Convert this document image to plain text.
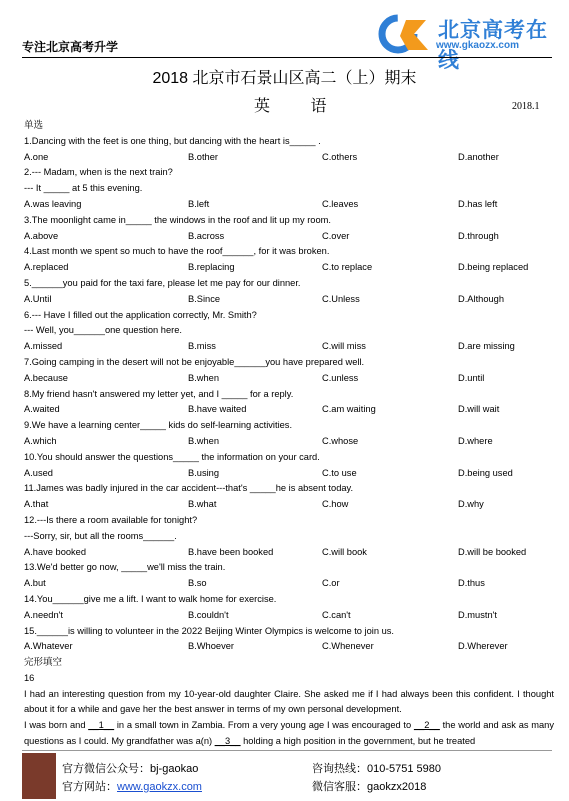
专注北京高考升学
北京高考在线
www.gkaozx.com
2018 北京市石景山区高二（上）期末
英 语	2018.1
单选
1.Dancing with the feet is one thing, but dancing with the heart is_____ .
A.one	B.other	C.others	D.another
2.--- Madam, when is the next train?
--- It _____ at 5 this evening.
A.was leaving	B.left	C.leaves	D.has left
3.The moonlight came in_____ the windows in the roof and lit up my room.
A.above	B.across	C.over	D.through
4.Last month we spent so much to have the roof______, for it was broken.
A.replaced	B.replacing	C.to replace	D.being replaced
5.______you paid for the taxi fare, please let me pay for our dinner.
A.Until	B.Since	C.Unless	D.Although
6.--- Have I filled out the application correctly, Mr. Smith?
--- Well, you______one question here.
A.missed	B.miss	C.will miss	D.are missing
7.Going camping in the desert will not be enjoyable______you have prepared well.
A.because	B.when	C.unless	D.until
8.My friend hasn't answered my letter yet, and I _____ for a reply.
A.waited	B.have waited	C.am waiting	D.will wait
9.We have a learning center_____ kids do self-learning activities.
A.which	B.when	C.whose	D.where
10.You should answer the questions_____ the information on your card.
A.used	B.using	C.to use	D.being used
11.James was badly injured in the car accident---that's _____he is absent today.
A.that	B.what	C.how	D.why
12.---Is there a room available for tonight?
---Sorry, sir, but all the rooms______.
A.have booked	B.have been booked	C.will book	D.will be booked
13.We'd better go now, _____we'll miss the train.
A.but	B.so	C.or	D.thus
14.You______give me a lift. I want to walk home for exercise.
A.needn't	B.couldn't	C.can't	D.mustn't
15.______is willing to volunteer in the 2022 Beijing Winter Olympics is welcome to join us.
A.Whatever	B.Whoever	C.Whenever	D.Wherever
完形填空
16
I had an interesting question from my 10-year-old daughter Claire. She asked me if I had always been this confident. I thought about it for a while and gave her the best answer in terms of my own personal development.
I was born and __1__ in a small town in Zambia. From a very young age I was encouraged to __2__ the world and ask as many questions as I could. My grandfather was a(n) __3__ holding a high position in the government, but he treated
官方微信公众号：bj-gaokao	咨询热线：010-5751 5980
官方网站：www.gaokzx.com	微信客服：gaokzx2018
